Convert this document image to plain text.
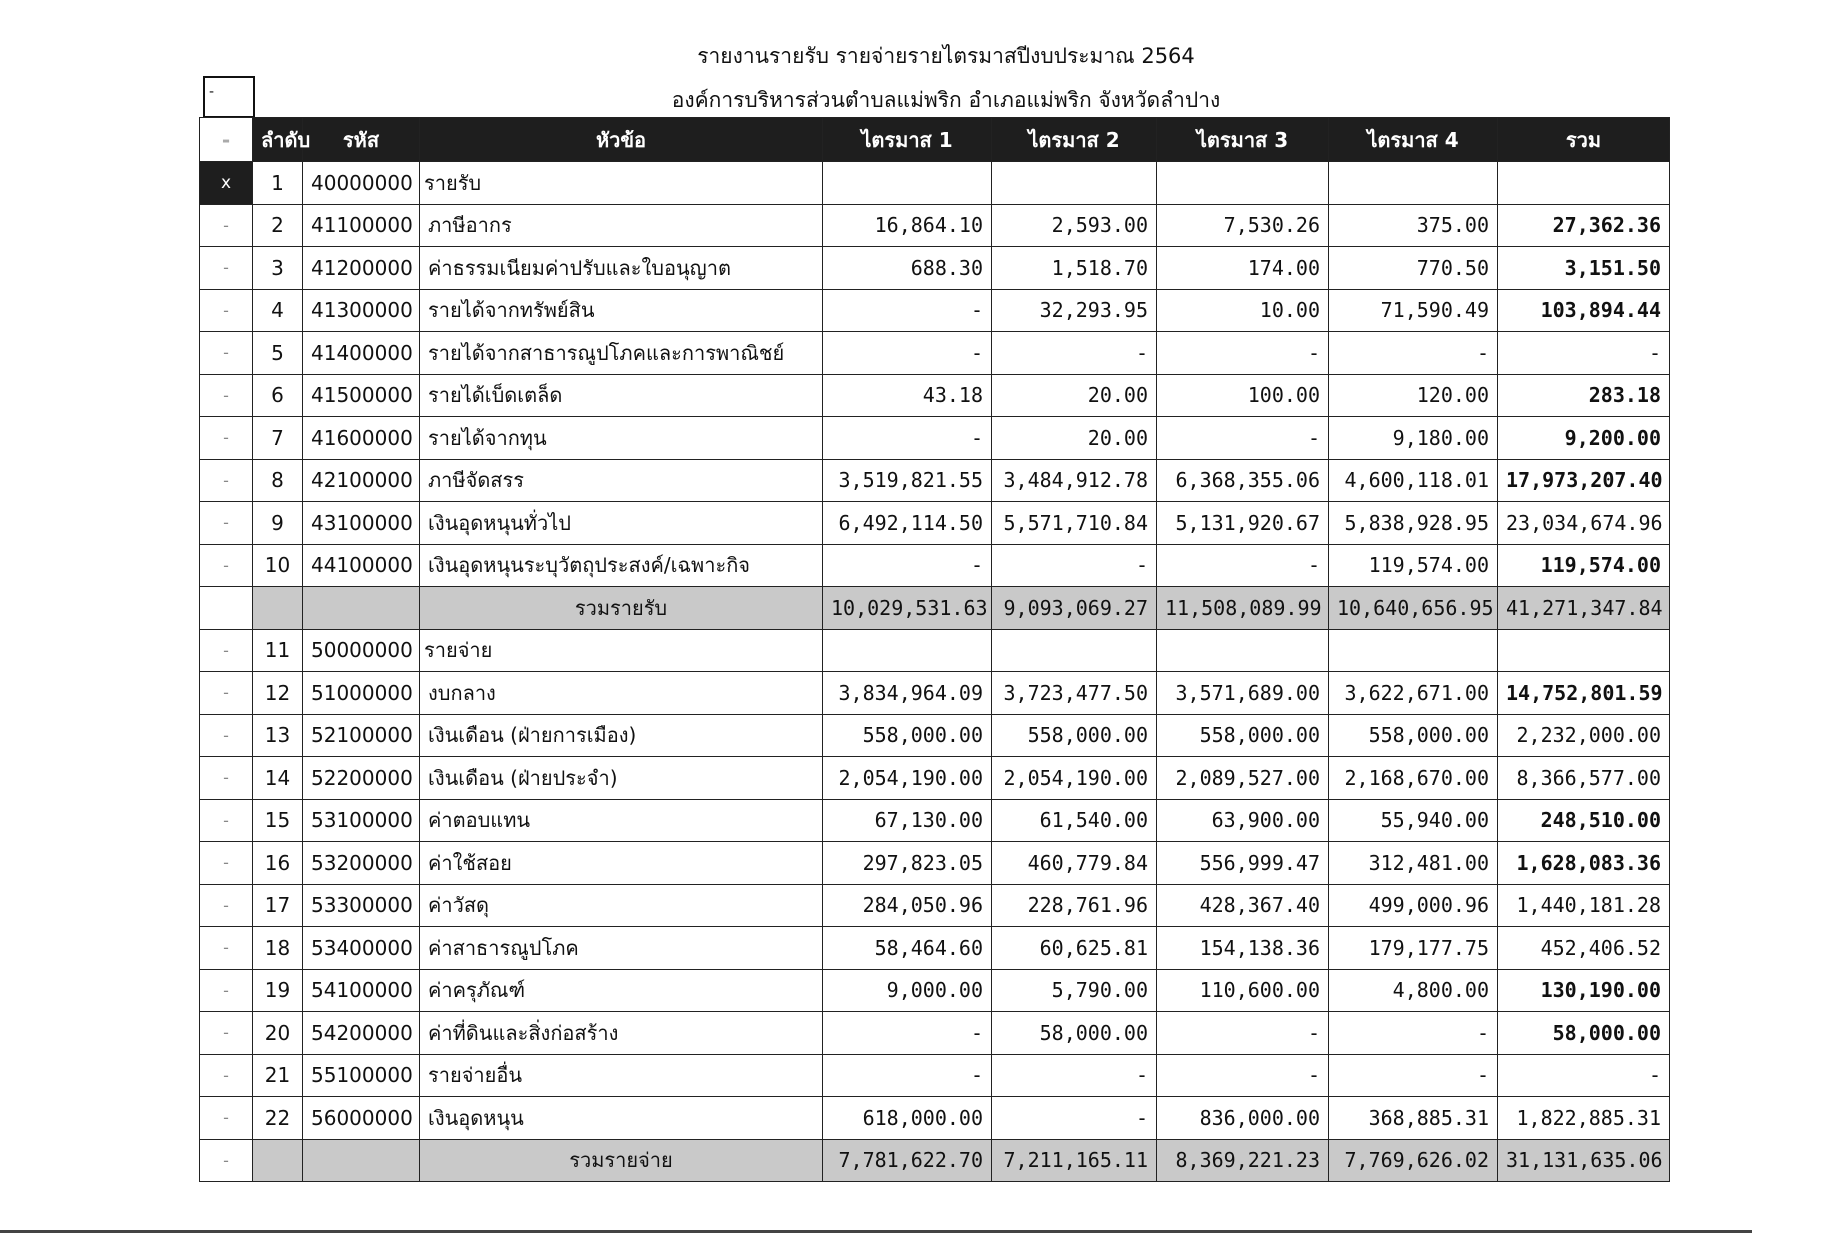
รายงานรายรับ รายจ่ายรายไตรมาสปีงบประมาณ 2564
องค์การบริหารส่วนตำบลแม่พริก อำเภอแม่พริก จังหวัดลำปาง
-
-	ลำดับ	รหัส	หัวข้อ	ไตรมาส 1	ไตรมาส 2	ไตรมาส 3	ไตรมาส 4	รวม
x	1	40000000	รายรับ					
-	2	41100000	ภาษีอากร	16,864.10	2,593.00	7,530.26	375.00	27,362.36
-	3	41200000	ค่าธรรมเนียมค่าปรับและใบอนุญาต	688.30	1,518.70	174.00	770.50	3,151.50
-	4	41300000	รายได้จากทรัพย์สิน	-	32,293.95	10.00	71,590.49	103,894.44
-	5	41400000	รายได้จากสาธารณูปโภคและการพาณิชย์	-	-	-	-	-
-	6	41500000	รายได้เบ็ดเตล็ด	43.18	20.00	100.00	120.00	283.18
-	7	41600000	รายได้จากทุน	-	20.00	-	9,180.00	9,200.00
-	8	42100000	ภาษีจัดสรร	3,519,821.55	3,484,912.78	6,368,355.06	4,600,118.01	17,973,207.40
-	9	43100000	เงินอุดหนุนทั่วไป	6,492,114.50	5,571,710.84	5,131,920.67	5,838,928.95	23,034,674.96
-	10	44100000	เงินอุดหนุนระบุวัตถุประสงค์/เฉพาะกิจ	-	-	-	119,574.00	119,574.00
			รวมรายรับ	10,029,531.63	9,093,069.27	11,508,089.99	10,640,656.95	41,271,347.84
-	11	50000000	รายจ่าย					
-	12	51000000	งบกลาง	3,834,964.09	3,723,477.50	3,571,689.00	3,622,671.00	14,752,801.59
-	13	52100000	เงินเดือน (ฝ่ายการเมือง)	558,000.00	558,000.00	558,000.00	558,000.00	2,232,000.00
-	14	52200000	เงินเดือน (ฝ่ายประจำ)	2,054,190.00	2,054,190.00	2,089,527.00	2,168,670.00	8,366,577.00
-	15	53100000	ค่าตอบแทน	67,130.00	61,540.00	63,900.00	55,940.00	248,510.00
-	16	53200000	ค่าใช้สอย	297,823.05	460,779.84	556,999.47	312,481.00	1,628,083.36
-	17	53300000	ค่าวัสดุ	284,050.96	228,761.96	428,367.40	499,000.96	1,440,181.28
-	18	53400000	ค่าสาธารณูปโภค	58,464.60	60,625.81	154,138.36	179,177.75	452,406.52
-	19	54100000	ค่าครุภัณฑ์	9,000.00	5,790.00	110,600.00	4,800.00	130,190.00
-	20	54200000	ค่าที่ดินและสิ่งก่อสร้าง	-	58,000.00	-	-	58,000.00
-	21	55100000	รายจ่ายอื่น	-	-	-	-	-
-	22	56000000	เงินอุดหนุน	618,000.00	-	836,000.00	368,885.31	1,822,885.31
-			รวมรายจ่าย	7,781,622.70	7,211,165.11	8,369,221.23	7,769,626.02	31,131,635.06
